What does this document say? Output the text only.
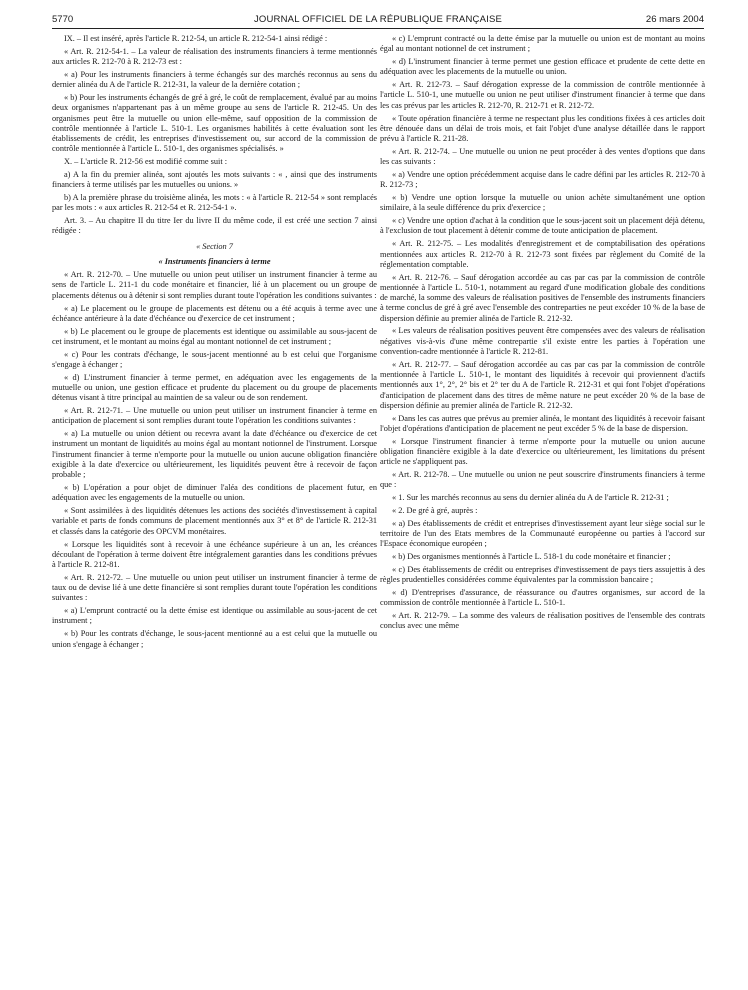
5770	JOURNAL OFFICIEL DE LA RÉPUBLIQUE FRANÇAISE	26 mars 2004

IX. – Il est inséré, après l'article R. 212-54, un article R. 212-54-1 ainsi rédigé :

« Art. R. 212-54-1. – La valeur de réalisation des instruments financiers à terme mentionnés aux articles R. 212-70 à R. 212-73 est :

« a) Pour les instruments financiers à terme échangés sur des marchés reconnus au sens du dernier alinéa du A de l'article R. 212-31, la valeur de la dernière cotation ;

« b) Pour les instruments échangés de gré à gré, le coût de remplacement, évalué par au moins deux organismes n'appartenant pas à un même groupe au sens de l'article R. 212-45. Un des organismes peut être la mutuelle ou union elle-même, sauf opposition de la commission de contrôle mentionnée à l'article L. 510-1. Les organismes habilités à cette évaluation sont les établissements de crédit, les entreprises d'investissement ou, sur accord de la commission de contrôle mentionnée à l'article L. 510-1, des organismes spécialisés. »

X. – L'article R. 212-56 est modifié comme suit :

a) A la fin du premier alinéa, sont ajoutés les mots suivants : « , ainsi que des instruments financiers à terme utilisés par les mutuelles ou unions. »

b) A la première phrase du troisième alinéa, les mots : « à l'article R. 212-54 » sont remplacés par les mots : « aux articles R. 212-54 et R. 212-54-1 ».

Art. 3. – Au chapitre II du titre Ier du livre II du même code, il est créé une section 7 ainsi rédigée :

« Section 7

« Instruments financiers à terme

« Art. R. 212-70. – Une mutuelle ou union peut utiliser un instrument financier à terme au sens de l'article L. 211-1 du code monétaire et financier, lié à un placement ou un groupe de placements détenus ou à détenir si sont remplies durant toute l'opération les conditions suivantes :

« a) Le placement ou le groupe de placements est détenu ou a été acquis à terme avec une échéance antérieure à la date d'échéance ou d'exercice de cet instrument ;

« b) Le placement ou le groupe de placements est identique ou assimilable au sous-jacent de cet instrument, et le montant au moins égal au montant notionnel de cet instrument ;

« c) Pour les contrats d'échange, le sous-jacent mentionné au b est celui que l'organisme s'engage à échanger ;

« d) L'instrument financier à terme permet, en adéquation avec les engagements de la mutuelle ou union, une gestion efficace et prudente du placement ou du groupe de placements détenus visant à titre principal au maintien de sa valeur ou de son rendement.

« Art. R. 212-71. – Une mutuelle ou union peut utiliser un instrument financier à terme en anticipation de placement si sont remplies durant toute l'opération les conditions suivantes :

« a) La mutuelle ou union détient ou recevra avant la date d'échéance ou d'exercice de cet instrument un montant de liquidités au moins égal au montant notionnel de l'instrument. Lorsque l'instrument financier à terme n'emporte pour la mutuelle ou union aucune obligation financière exigible à la date d'exercice ou ultérieurement, les liquidités peuvent être à recevoir de façon probable ;

« b) L'opération a pour objet de diminuer l'aléa des conditions de placement futur, en adéquation avec les engagements de la mutuelle ou union.

« Sont assimilées à des liquidités détenues les actions des sociétés d'investissement à capital variable et parts de fonds communs de placement mentionnés aux 3° et 8° de l'article R. 212-31 et classés dans la catégorie des OPCVM monétaires.

« Lorsque les liquidités sont à recevoir à une échéance supérieure à un an, les créances découlant de l'opération à terme doivent être intégralement garanties dans les conditions prévues à l'article R. 212-81.

« Art. R. 212-72. – Une mutuelle ou union peut utiliser un instrument financier à terme de taux ou de devise lié à une dette financière si sont remplies durant toute l'opération les conditions suivantes :

« a) L'emprunt contracté ou la dette émise est identique ou assimilable au sous-jacent de cet instrument ;

« b) Pour les contrats d'échange, le sous-jacent mentionné au a est celui que la mutuelle ou union s'engage à échanger ;

« c) L'emprunt contracté ou la dette émise par la mutuelle ou union est de montant au moins égal au montant notionnel de cet instrument ;

« d) L'instrument financier à terme permet une gestion efficace et prudente de cette dette en adéquation avec les placements de la mutuelle ou union.

« Art. R. 212-73. – Sauf dérogation expresse de la commission de contrôle mentionnée à l'article L. 510-1, une mutuelle ou union ne peut utiliser d'instrument financier à terme que dans les cas prévus par les articles R. 212-70, R. 212-71 et R. 212-72.

« Toute opération financière à terme ne respectant plus les conditions fixées à ces articles doit être dénouée dans un délai de trois mois, et fait l'objet d'une analyse détaillée dans le rapport prévu à l'article R. 211-28.

« Art. R. 212-74. – Une mutuelle ou union ne peut procéder à des ventes d'options que dans les cas suivants :

« a) Vendre une option précédemment acquise dans le cadre défini par les articles R. 212-70 à R. 212-73 ;

« b) Vendre une option lorsque la mutuelle ou union achète simultanément une option similaire, à la seule différence du prix d'exercice ;

« c) Vendre une option d'achat à la condition que le sous-jacent soit un placement déjà détenu, à l'exclusion de tout placement à détenir comme de toute anticipation de placement.

« Art. R. 212-75. – Les modalités d'enregistrement et de comptabilisation des opérations mentionnées aux articles R. 212-70 à R. 212-73 sont fixées par règlement du Comité de la réglementation comptable.

« Art. R. 212-76. – Sauf dérogation accordée au cas par cas par la commission de contrôle mentionnée à l'article L. 510-1, notamment au regard d'une modification globale des conditions de marché, la somme des valeurs de réalisation positives de l'ensemble des instruments financiers à terme conclus de gré à gré avec l'ensemble des contreparties ne peut excéder 10 % de la base de dispersion définie au premier alinéa de l'article R. 212-32.

« Les valeurs de réalisation positives peuvent être compensées avec des valeurs de réalisation négatives vis-à-vis d'une même contrepartie s'il existe entre les parties à l'opération une convention-cadre mentionnée à l'article R. 212-81.

« Art. R. 212-77. – Sauf dérogation accordée au cas par cas par la commission de contrôle mentionnée à l'article L. 510-1, le montant des liquidités à recevoir qui proviennent d'actifs mentionnés aux 1°, 2°, 2° bis et 2° ter du A de l'article R. 212-31 et qui font l'objet d'opérations d'anticipation de placement dans des titres de même nature ne peut excéder 20 % de la base de dispersion définie au premier alinéa de l'article R. 212-32.

« Dans les cas autres que prévus au premier alinéa, le montant des liquidités à recevoir faisant l'objet d'opérations d'anticipation de placement ne peut excéder 5 % de la base de dispersion.

« Lorsque l'instrument financier à terme n'emporte pour la mutuelle ou union aucune obligation financière exigible à la date d'exercice ou ultérieurement, les limitations du présent article ne s'appliquent pas.

« Art. R. 212-78. – Une mutuelle ou union ne peut souscrire d'instruments financiers à terme que :

« 1. Sur les marchés reconnus au sens du dernier alinéa du A de l'article R. 212-31 ;

« 2. De gré à gré, auprès :

« a) Des établissements de crédit et entreprises d'investissement ayant leur siège social sur le territoire de l'un des Etats membres de la Communauté européenne ou parties à l'accord sur l'Espace économique européen ;

« b) Des organismes mentionnés à l'article L. 518-1 du code monétaire et financier ;

« c) Des établissements de crédit ou entreprises d'investissement de pays tiers assujettis à des règles prudentielles considérées comme équivalentes par la commission bancaire ;

« d) D'entreprises d'assurance, de réassurance ou d'autres organismes, sur accord de la commission de contrôle mentionnée à l'article L. 510-1.

« Art. R. 212-79. – La somme des valeurs de réalisation positives de l'ensemble des contrats conclus avec une même
